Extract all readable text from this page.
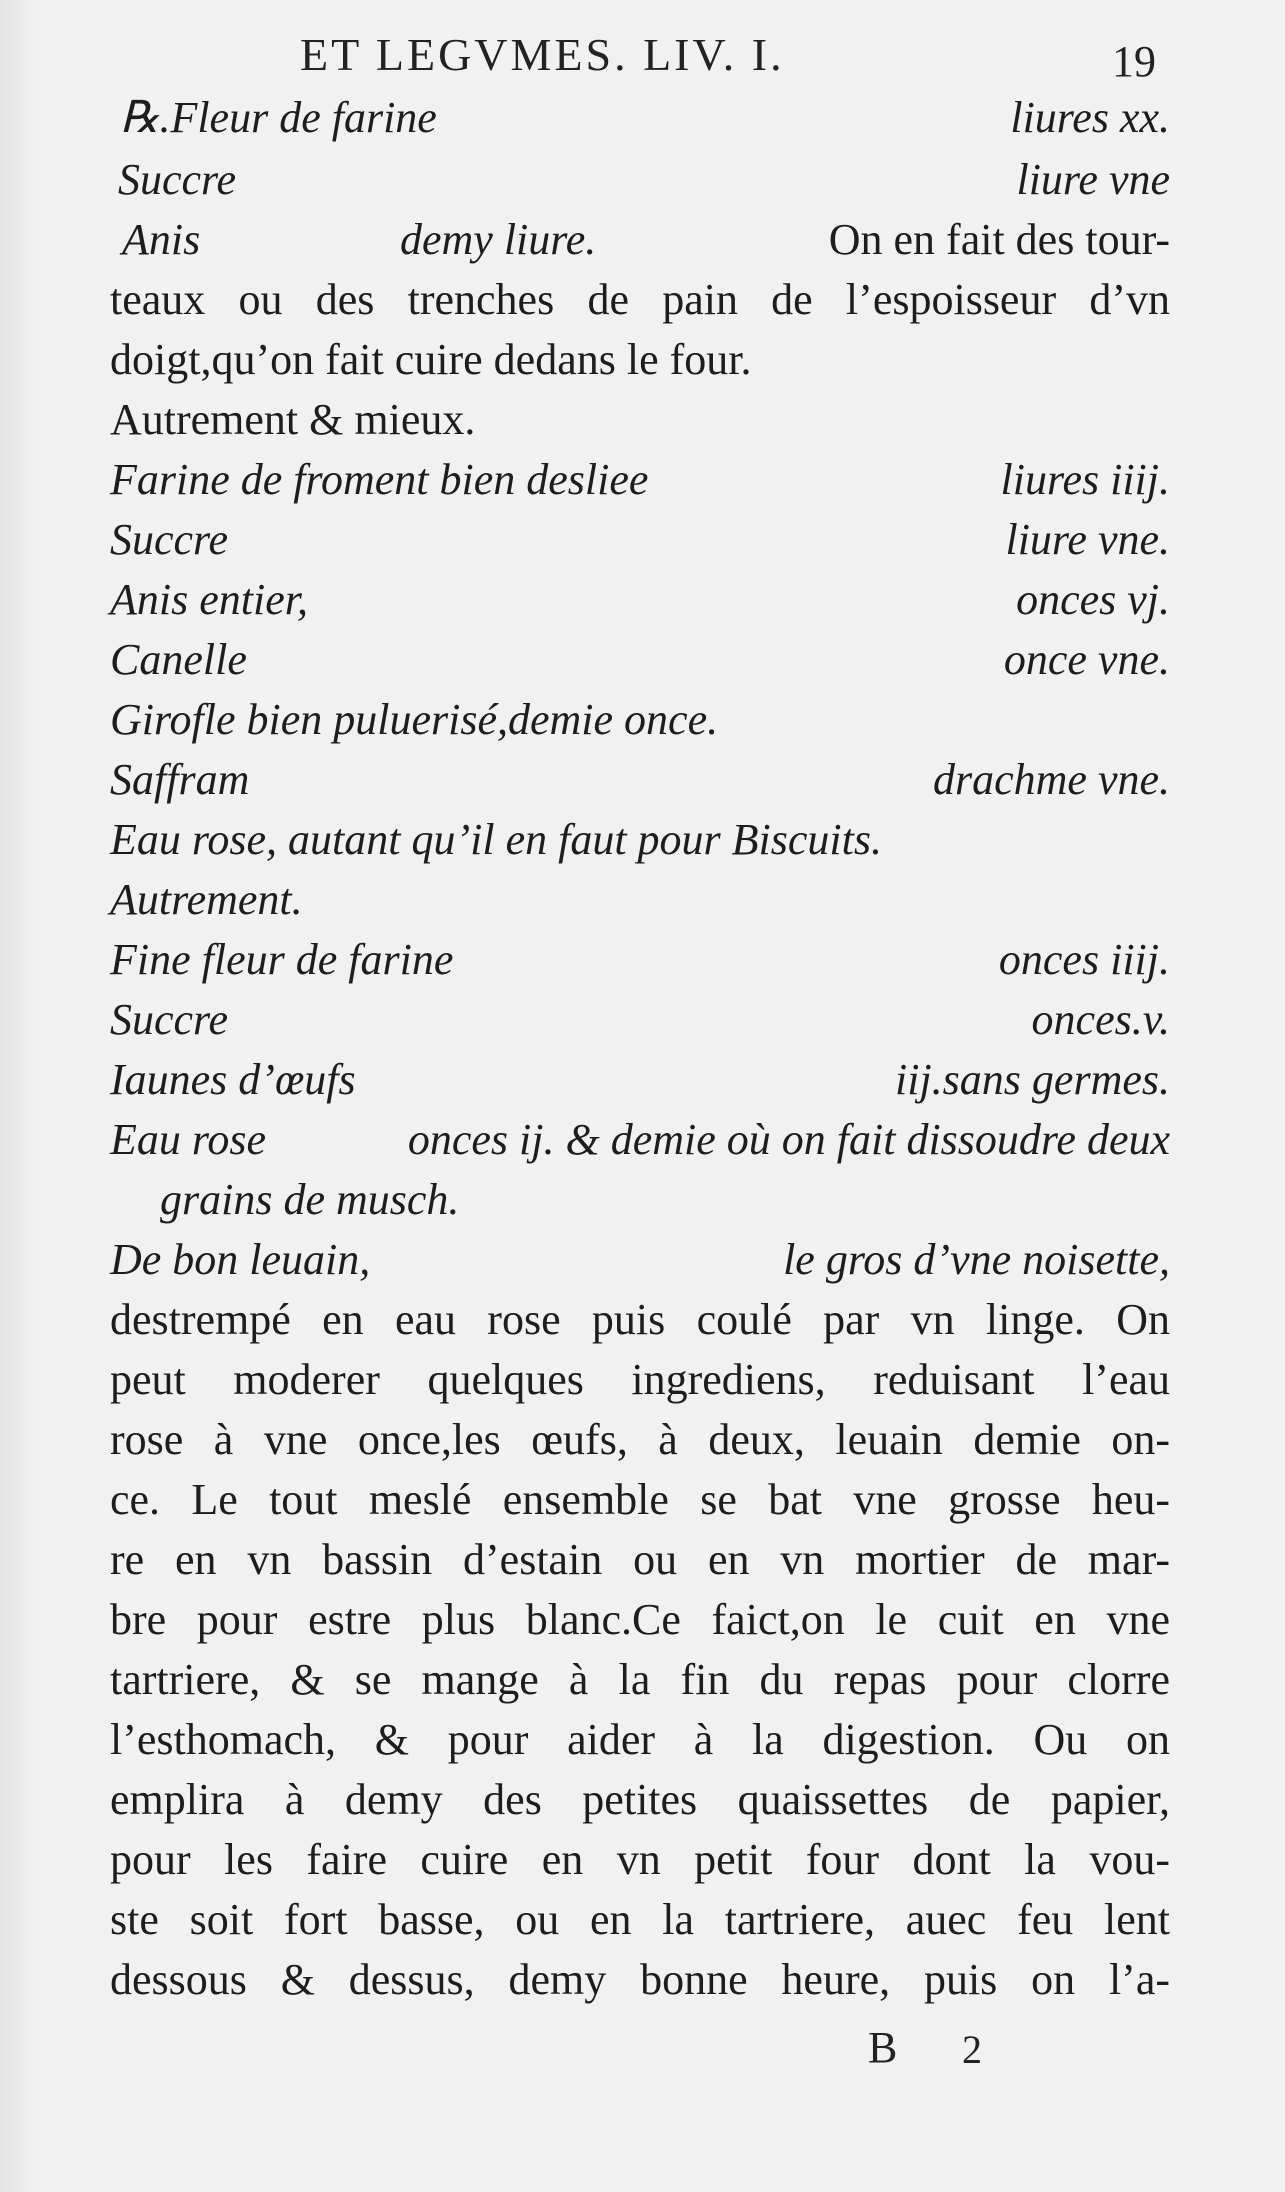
ET LEGVMES. LIV. I.	19
℞.Fleur de farine	liures xx.
Succre	liure vne
Anis	demy liure.	On en fait des tour-
teaux ou des trenches de pain de l’espoisseur d’vn
doigt,qu’on fait cuire dedans le four.
Autrement & mieux.
Farine de froment bien desliee	liures iiij.
Succre	liure vne.
Anis entier,	onces vj.
Canelle	once vne.
Girofle bien puluerisé,demie once.
Saffram	drachme vne.
Eau rose, autant qu’il en faut pour Biscuits.
Autrement.
Fine fleur de farine	onces iiij.
Succre	onces.v.
Iaunes d’œufs	iij.sans germes.
Eau rose	onces ij. & demie où on fait dissoudre deux
grains de musch.
De bon leuain,	le gros d’vne noisette,
destrempé en eau rose puis coulé par vn linge. On
peut moderer quelques ingrediens, reduisant l’eau
rose à vne once,les œufs, à deux, leuain demie on-
ce. Le tout meslé ensemble se bat vne grosse heu-
re en vn bassin d’estain ou en vn mortier de mar-
bre pour estre plus blanc.Ce faict,on le cuit en vne
tartriere, & se mange à la fin du repas pour clorre
l’esthomach, & pour aider à la digestion. Ou on
emplira à demy des petites quaissettes de papier,
pour les faire cuire en vn petit four dont la vou-
ste soit fort basse, ou en la tartriere, auec feu lent
dessous & dessus, demy bonne heure, puis on l’a-
B 2
